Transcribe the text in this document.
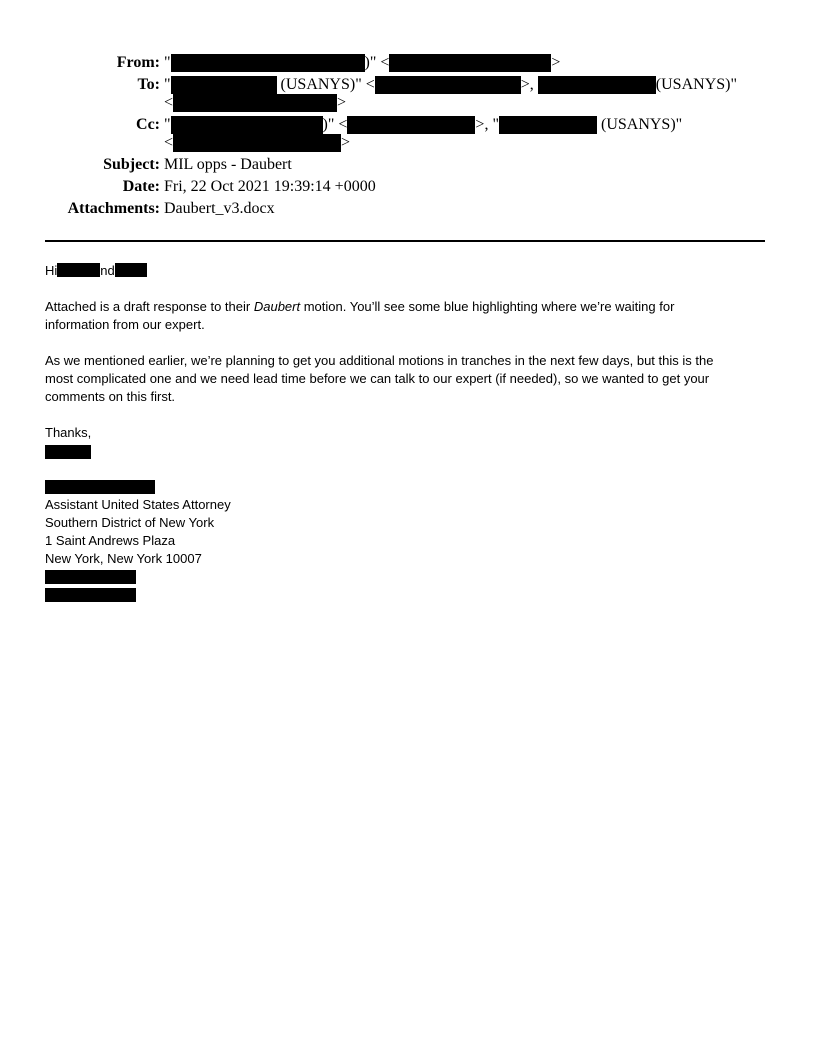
From: "	)" <	>
To: "	(USANYS)" <	>,	(USANYS)"
<	>
Cc: "	)" <	>, "	(USANYS)"
<	>
Subject: MIL opps - Daubert
Date: Fri, 22 Oct 2021 19:39:14 +0000
Attachments: Daubert_v3.docx
Hi	nd
Attached is a draft response to their Daubert motion. You’ll see some blue highlighting where we’re waiting for information from our expert.
As we mentioned earlier, we’re planning to get you additional motions in tranches in the next few days, but this is the most complicated one and we need lead time before we can talk to our expert (if needed), so we wanted to get your comments on this first.
Thanks,
Assistant United States Attorney
Southern District of New York
1 Saint Andrews Plaza
New York, New York 10007
